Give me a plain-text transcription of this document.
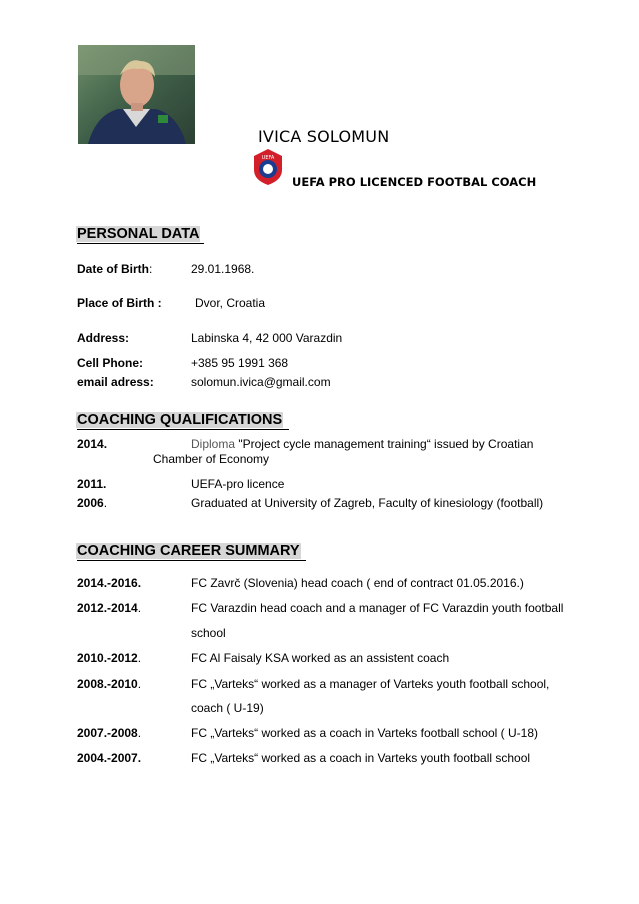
IVICA SOLOMUN
UEFA
UEFA PRO LICENCED FOOTBAL COACH
PERSONAL DATA
Date of Birth:	29.01.1968.
Place of Birth :	Dvor, Croatia
Address:	Labinska 4, 42 000 Varazdin
Cell Phone:	+385 95 1991 368
email adress:	solomun.ivica@gmail.com
COACHING QUALIFICATIONS
2014.	Diploma "Project cycle management training“ issued by Croatian
Chamber of Economy
2011.	UEFA-pro licence
2006.	Graduated at University of Zagreb, Faculty of kinesiology (football)
COACHING CAREER SUMMARY
2014.-2016.	FC Zavrč (Slovenia) head coach ( end of contract 01.05.2016.)
2012.-2014.	FC Varazdin head coach and a manager of FC Varazdin youth football
school
2010.-2012.	FC Al Faisaly KSA worked as an assistent coach
2008.-2010.	FC „Varteks“ worked as a manager of Varteks youth football school,
coach ( U-19)
2007.-2008.	FC „Varteks“ worked as a coach in Varteks football school ( U-18)
2004.-2007.	FC „Varteks“ worked as a coach in Varteks youth football school
